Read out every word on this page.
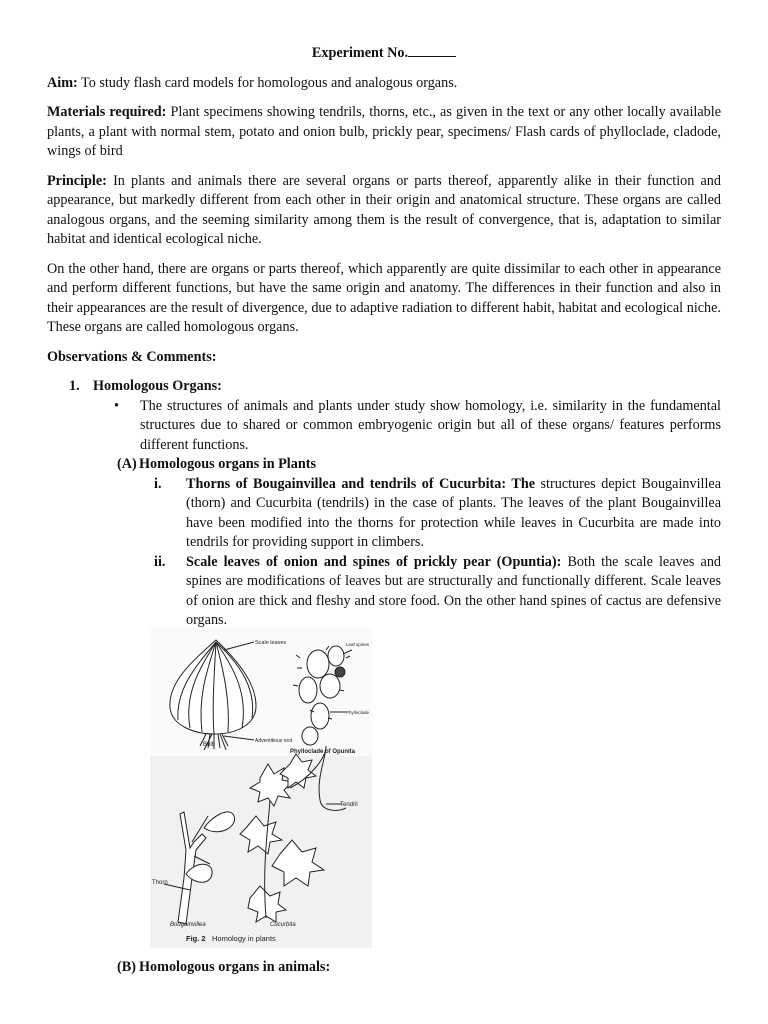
Experiment No.

Aim: To study flash card models for homologous and analogous organs.

Materials required: Plant specimens showing tendrils, thorns, etc., as given in the text or any other locally available plants, a plant with normal stem, potato and onion bulb, prickly pear, specimens/ Flash cards of phylloclade, cladode, wings of bird

Principle: In plants and animals there are several organs or parts thereof, apparently alike in their function and appearance, but markedly different from each other in their origin and anatomical structure. These organs are called analogous organs, and the seeming similarity among them is the result of convergence, that is, adaptation to similar habitat and identical ecological niche.

On the other hand, there are organs or parts thereof, which apparently are quite dissimilar to each other in appearance and perform different functions, but have the same origin and anatomy. The differences in their function and also in their appearances are the result of divergence, due to adaptive radiation to different habit, habitat and ecological niche. These organs are called homologous organs.

Observations & Comments:

1. Homologous Organs:
•	The structures of animals and plants under study show homology, i.e. similarity in the fundamental structures due to shared or common embryogenic origin but all of these organs/ features performs different functions.
(A) Homologous organs in Plants
i.	Thorns of Bougainvillea and tendrils of Cucurbita: The structures depict Bougainvillea (thorn) and Cucurbita (tendrils) in the case of plants. The leaves of the plant Bougainvillea have been modified into the thorns for protection while leaves in Cucurbita are made into tendrils for providing support in climbers.
ii.	Scale leaves of onion and spines of prickly pear (Opuntia): Both the scale leaves and spines are modifications of leaves but are structurally and functionally different. Scale leaves of onion are thick and fleshy and store food. On the other hand spines of cactus are defensive organs.
Scale leaves
Adventitious root
Bulb
Leaf spines
Phylloclade
Phylloclade of Opunita
Thorn
Bougainvillea
Tendril
Cucurbita
Fig. 2 Homology in plants
(B) Homologous organs in animals:
